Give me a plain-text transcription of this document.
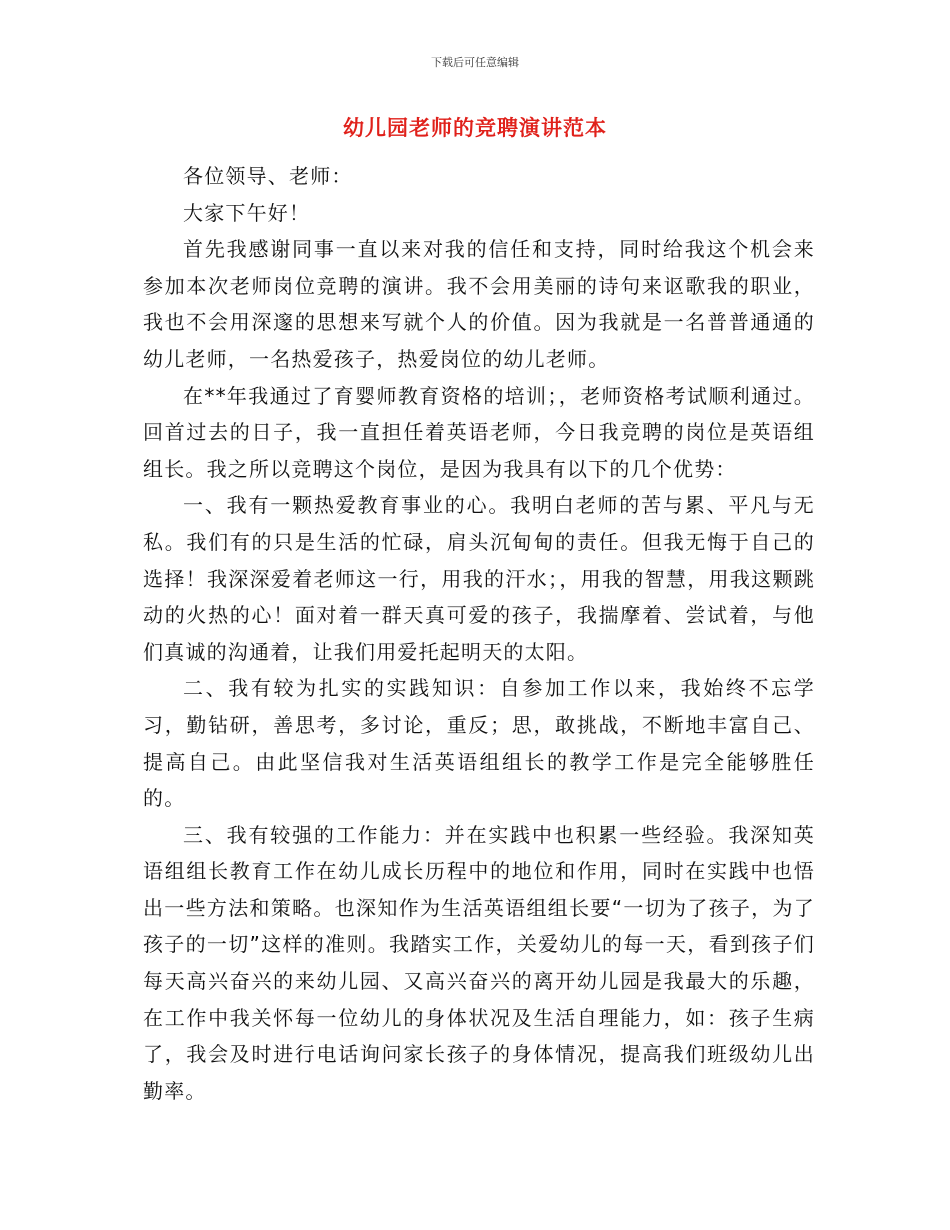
下载后可任意编辑
幼儿园老师的竞聘演讲范本

各位领导、老师：

大家下午好！

首先我感谢同事一直以来对我的信任和支持，同时给我这个机会来参加本次老师岗位竞聘的演讲。我不会用美丽的诗句来讴歌我的职业， 我也不会用深邃的思想来写就个人的价值。因为我就是一名普普通通的幼儿老师，一名热爱孩子，热爱岗位的幼儿老师。

在**年我通过了育婴师教育资格的培训；，老师资格考试顺利通过。回首过去的日子，我一直担任着英语老师，今日我竞聘的岗位是英语组组长。我之所以竞聘这个岗位，是因为我具有以下的几个优势：

一、我有一颗热爱教育事业的心。我明白老师的苦与累、平凡与无私。我们有的只是生活的忙碌，肩头沉甸甸的责任。但我无悔于自己的选择！我深深爱着老师这一行，用我的汗水；，用我的智慧，用我这颗跳动的火热的心！面对着一群天真可爱的孩子，我揣摩着、尝试着，与他们真诚的沟通着，让我们用爱托起明天的太阳。

二、我有较为扎实的实践知识：自参加工作以来，我始终不忘学习，勤钻研，善思考，多讨论，重反；思，敢挑战，不断地丰富自己、提高自己。由此坚信我对生活英语组组长的教学工作是完全能够胜任的。

三、我有较强的工作能力：并在实践中也积累一些经验。我深知英语组组长教育工作在幼儿成长历程中的地位和作用，同时在实践中也悟出一些方法和策略。也深知作为生活英语组组长要“一切为了孩子，为了孩子的一切”这样的准则。我踏实工作，关爱幼儿的每一天，看到孩子们每天高兴奋兴的来幼儿园、又高兴奋兴的离开幼儿园是我最大的乐趣，在工作中我关怀每一位幼儿的身体状况及生活自理能力，如：孩子生病了，我会及时进行电话询问家长孩子的身体情况，提高我们班级幼儿出勤率。
